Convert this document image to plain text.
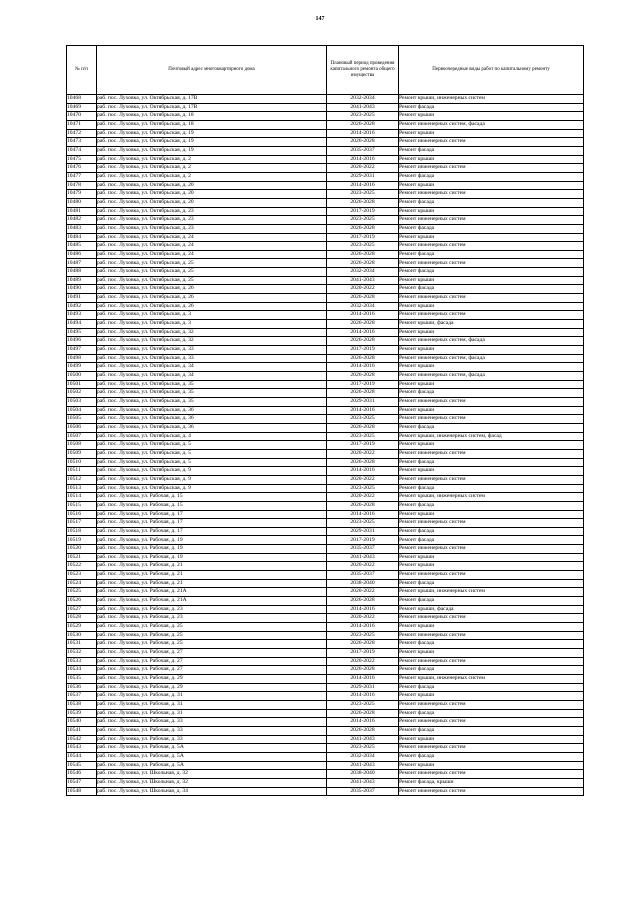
147
№ п/п	Почтовый адрес многоквартирного дома	Плановый период проведения капитального ремонта общего имущества	Первоочередные виды работ по капитальному ремонту
10468	раб. пос. Луховка, ул. Октябрьская, д. 17В	2032-2034	Ремонт крыши, инженерных систем
10469	раб. пос. Луховка, ул. Октябрьская, д. 17В	2041-2043	Ремонт фасада
10470	раб. пос. Луховка, ул. Октябрьская, д. 18	2023-2025	Ремонт крыши
10471	раб. пос. Луховка, ул. Октябрьская, д. 18	2026-2028	Ремонт инженерных систем, фасада
10472	раб. пос. Луховка, ул. Октябрьская, д. 19	2014-2016	Ремонт крыши
10473	раб. пос. Луховка, ул. Октябрьская, д. 19	2026-2028	Ремонт инженерных систем
10474	раб. пос. Луховка, ул. Октябрьская, д. 19	2035-2037	Ремонт фасада
10475	раб. пос. Луховка, ул. Октябрьская, д. 2	2014-2016	Ремонт крыши
10476	раб. пос. Луховка, ул. Октябрьская, д. 2	2020-2022	Ремонт инженерных систем
10477	раб. пос. Луховка, ул. Октябрьская, д. 2	2029-2031	Ремонт фасада
10478	раб. пос. Луховка, ул. Октябрьская, д. 20	2014-2016	Ремонт крыши
10479	раб. пос. Луховка, ул. Октябрьская, д. 20	2023-2025	Ремонт инженерных систем
10480	раб. пос. Луховка, ул. Октябрьская, д. 20	2026-2028	Ремонт фасада
10481	раб. пос. Луховка, ул. Октябрьская, д. 23	2017-2019	Ремонт крыши
10482	раб. пос. Луховка, ул. Октябрьская, д. 23	2023-2025	Ремонт инженерных систем
10483	раб. пос. Луховка, ул. Октябрьская, д. 23	2026-2028	Ремонт фасада
10484	раб. пос. Луховка, ул. Октябрьская, д. 24	2017-2019	Ремонт крыши
10485	раб. пос. Луховка, ул. Октябрьская, д. 24	2023-2025	Ремонт инженерных систем
10486	раб. пос. Луховка, ул. Октябрьская, д. 24	2026-2028	Ремонт фасада
10487	раб. пос. Луховка, ул. Октябрьская, д. 25	2026-2028	Ремонт инженерных систем
10488	раб. пос. Луховка, ул. Октябрьская, д. 25	2032-2034	Ремонт фасада
10489	раб. пос. Луховка, ул. Октябрьская, д. 25	2041-2043	Ремонт крыши
10490	раб. пос. Луховка, ул. Октябрьская, д. 26	2020-2022	Ремонт фасада
10491	раб. пос. Луховка, ул. Октябрьская, д. 26	2026-2028	Ремонт инженерных систем
10492	раб. пос. Луховка, ул. Октябрьская, д. 26	2032-2034	Ремонт крыши
10493	раб. пос. Луховка, ул. Октябрьская, д. 3	2014-2016	Ремонт инженерных систем
10494	раб. пос. Луховка, ул. Октябрьская, д. 3	2026-2028	Ремонт крыши, фасада
10495	раб. пос. Луховка, ул. Октябрьская, д. 32	2014-2016	Ремонт крыши
10496	раб. пос. Луховка, ул. Октябрьская, д. 32	2026-2028	Ремонт инженерных систем, фасада
10497	раб. пос. Луховка, ул. Октябрьская, д. 33	2017-2019	Ремонт крыши
10498	раб. пос. Луховка, ул. Октябрьская, д. 33	2026-2028	Ремонт инженерных систем, фасада
10499	раб. пос. Луховка, ул. Октябрьская, д. 34	2014-2016	Ремонт крыши
10500	раб. пос. Луховка, ул. Октябрьская, д. 34	2026-2028	Ремонт инженерных систем, фасада
10501	раб. пос. Луховка, ул. Октябрьская, д. 35	2017-2019	Ремонт крыши
10502	раб. пос. Луховка, ул. Октябрьская, д. 35	2026-2028	Ремонт фасада
10503	раб. пос. Луховка, ул. Октябрьская, д. 35	2029-2031	Ремонт инженерных систем
10504	раб. пос. Луховка, ул. Октябрьская, д. 36	2014-2016	Ремонт крыши
10505	раб. пос. Луховка, ул. Октябрьская, д. 36	2023-2025	Ремонт инженерных систем
10506	раб. пос. Луховка, ул. Октябрьская, д. 36	2026-2028	Ремонт фасада
10507	раб. пос. Луховка, ул. Октябрьская, д. 4	2023-2025	Ремонт крыши, инженерных систем, фасад
10508	раб. пос. Луховка, ул. Октябрьская, д. 5	2017-2019	Ремонт крыши
10509	раб. пос. Луховка, ул. Октябрьская, д. 5	2020-2022	Ремонт инженерных систем
10510	раб. пос. Луховка, ул. Октябрьская, д. 5	2026-2028	Ремонт фасада
10511	раб. пос. Луховка, ул. Октябрьская, д. 9	2014-2016	Ремонт крыши
10512	раб. пос. Луховка, ул. Октябрьская, д. 9	2020-2022	Ремонт инженерных систем
10513	раб. пос. Луховка, ул. Октябрьская, д. 9	2023-2025	Ремонт фасада
10514	раб. пос. Луховка, ул. Рабочая, д. 15	2020-2022	Ремонт крыши, инженерных систем
10515	раб. пос. Луховка, ул. Рабочая, д. 15	2026-2028	Ремонт фасада
10516	раб. пос. Луховка, ул. Рабочая, д. 17	2014-2016	Ремонт крыши
10517	раб. пос. Луховка, ул. Рабочая, д. 17	2023-2025	Ремонт инженерных систем
10518	раб. пос. Луховка, ул. Рабочая, д. 17	2029-2031	Ремонт фасада
10519	раб. пос. Луховка, ул. Рабочая, д. 19	2017-2019	Ремонт фасада
10520	раб. пос. Луховка, ул. Рабочая, д. 19	2035-2037	Ремонт инженерных систем
10521	раб. пос. Луховка, ул. Рабочая, д. 19	2041-2043	Ремонт крыши
10522	раб. пос. Луховка, ул. Рабочая, д. 21	2020-2022	Ремонт крыши
10523	раб. пос. Луховка, ул. Рабочая, д. 21	2035-2037	Ремонт инженерных систем
10524	раб. пос. Луховка, ул. Рабочая, д. 21	2038-2040	Ремонт фасада
10525	раб. пос. Луховка, ул. Рабочая, д. 21А	2020-2022	Ремонт крыши, инженерных систем
10526	раб. пос. Луховка, ул. Рабочая, д. 21А	2026-2028	Ремонт фасада
10527	раб. пос. Луховка, ул. Рабочая, д. 23	2014-2016	Ремонт крыши, фасада
10528	раб. пос. Луховка, ул. Рабочая, д. 23	2020-2022	Ремонт инженерных систем
10529	раб. пос. Луховка, ул. Рабочая, д. 25	2014-2016	Ремонт крыши
10530	раб. пос. Луховка, ул. Рабочая, д. 25	2023-2025	Ремонт инженерных систем
10531	раб. пос. Луховка, ул. Рабочая, д. 25	2026-2028	Ремонт фасада
10532	раб. пос. Луховка, ул. Рабочая, д. 27	2017-2019	Ремонт крыши
10533	раб. пос. Луховка, ул. Рабочая, д. 27	2020-2022	Ремонт инженерных систем
10534	раб. пос. Луховка, ул. Рабочая, д. 27	2026-2028	Ремонт фасада
10535	раб. пос. Луховка, ул. Рабочая, д. 29	2014-2016	Ремонт крыши, инженерных систем
10536	раб. пос. Луховка, ул. Рабочая, д. 29	2029-2031	Ремонт фасада
10537	раб. пос. Луховка, ул. Рабочая, д. 31	2014-2016	Ремонт крыши
10538	раб. пос. Луховка, ул. Рабочая, д. 31	2023-2025	Ремонт инженерных систем
10539	раб. пос. Луховка, ул. Рабочая, д. 31	2026-2028	Ремонт фасада
10540	раб. пос. Луховка, ул. Рабочая, д. 33	2014-2016	Ремонт инженерных систем
10541	раб. пос. Луховка, ул. Рабочая, д. 33	2026-2028	Ремонт фасада
10542	раб. пос. Луховка, ул. Рабочая, д. 33	2041-2043	Ремонт крыши
10543	раб. пос. Луховка, ул. Рабочая, д. 5А	2023-2025	Ремонт инженерных систем
10544	раб. пос. Луховка, ул. Рабочая, д. 5А	2032-2034	Ремонт фасада
10545	раб. пос. Луховка, ул. Рабочая, д. 5А	2041-2043	Ремонт крыши
10546	раб. пос. Луховка, ул. Школьная, д. 32	2038-2040	Ремонт инженерных систем
10547	раб. пос. Луховка, ул. Школьная, д. 32	2041-2043	Ремонт фасада, крыши
10548	раб. пос. Луховка, ул. Школьная, д. 34	2035-2037	Ремонт инженерных систем
